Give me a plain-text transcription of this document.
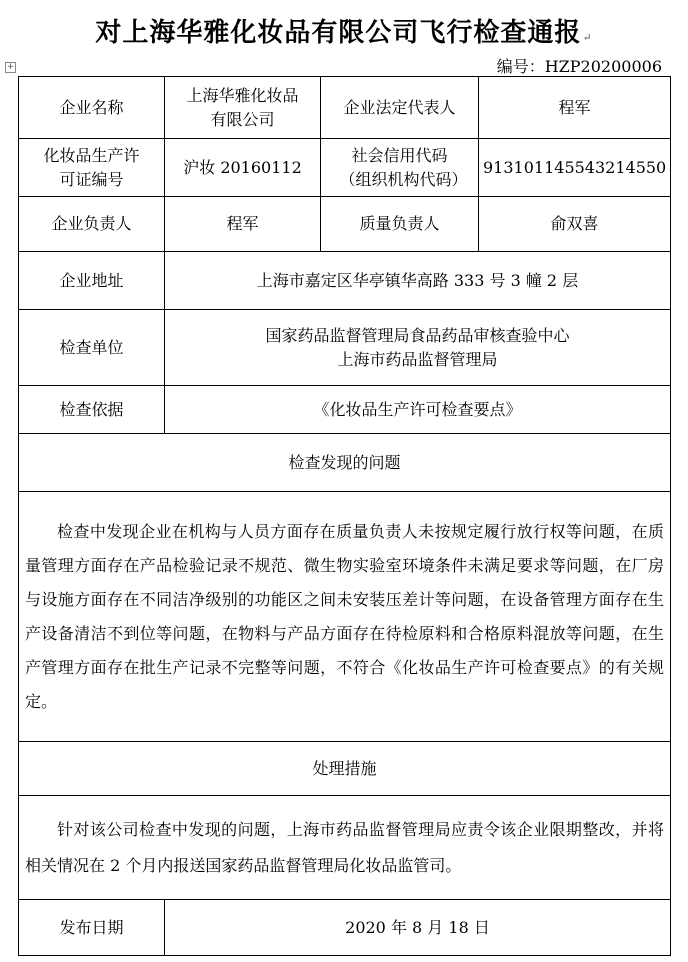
对上海华雅化妆品有限公司飞行检查通报↵
编号：HZP20200006
+
企业名称	上海华雅化妆品有限公司	企业法定代表人	程军
化妆品生产许可证编号	沪妆 20160112	社会信用代码（组织机构代码）	913101145543214550
企业负责人	程军	质量负责人	俞双喜
企业地址	上海市嘉定区华亭镇华高路 333 号 3 幢 2 层		
检查单位	国家药品监督管理局食品药品审核查验中心
上海市药品监督管理局		

检查依据	《化妆品生产许可检查要点》		
检查发现的问题			
检查中发现企业在机构与人员方面存在质量负责人未按规定履行放行权等问题，在质量管理方面存在产品检验记录不规范、微生物实验室环境条件未满足要求等问题，在厂房与设施方面存在不同洁净级别的功能区之间未安装压差计等问题，在设备管理方面存在生产设备清洁不到位等问题，在物料与产品方面存在待检原料和合格原料混放等问题，在生产管理方面存在批生产记录不完整等问题，不符合《化妆品生产许可检查要点》的有关规定。			
处理措施			
针对该公司检查中发现的问题，上海市药品监督管理局应责令该企业限期整改，并将相关情况在 2 个月内报送国家药品监督管理局化妆品监管司。			
发布日期	2020 年 8 月 18 日		
